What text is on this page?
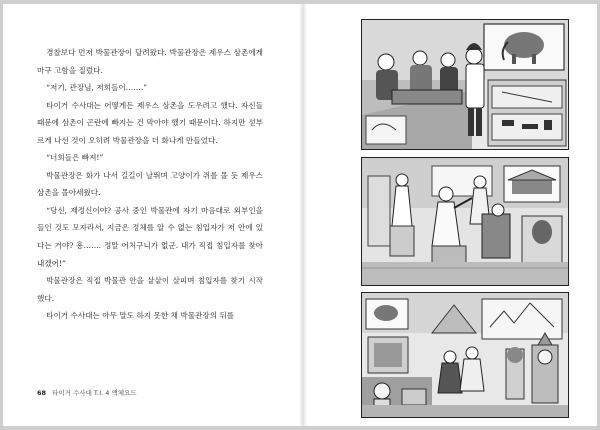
경찰보다 먼저 박물관장이 달려왔다. 박물관장은 제우스 삼촌에게 마구 고함을 질렀다.

“저기, 관장님, 저희들이…….”

타이거 수사대는 어떻게든 제우스 삼촌을 도우려고 했다. 자신들 때문에 삼촌이 곤란에 빠지는 건 막아야 했기 때문이다. 하지만 섣부르게 나선 것이 오히려 박물관장을 더 화나게 만들었다.

“너희들은 빠져!”

박물관장은 화가 나서 길길이 날뛰며 고양이가 쥐를 몰 듯 제우스 삼촌을 몰아세웠다.

“당신, 제정신이야? 공사 중인 박물관에 자기 마음대로 외부인을 들인 것도 모자라서, 지금은 정체를 알 수 없는 침입자가 저 안에 있다는 거야? 흥……. 정말 어처구니가 없군. 내가 직접 침입자를 찾아내겠어!”

박물관장은 직접 박물관 안을 샅샅이 살피며 침입자를 찾기 시작했다.

타이거 수사대는 아무 말도 하지 못한 채 박물관장의 뒤를

68 타이거 수사대 T.I. 4 액체요드
